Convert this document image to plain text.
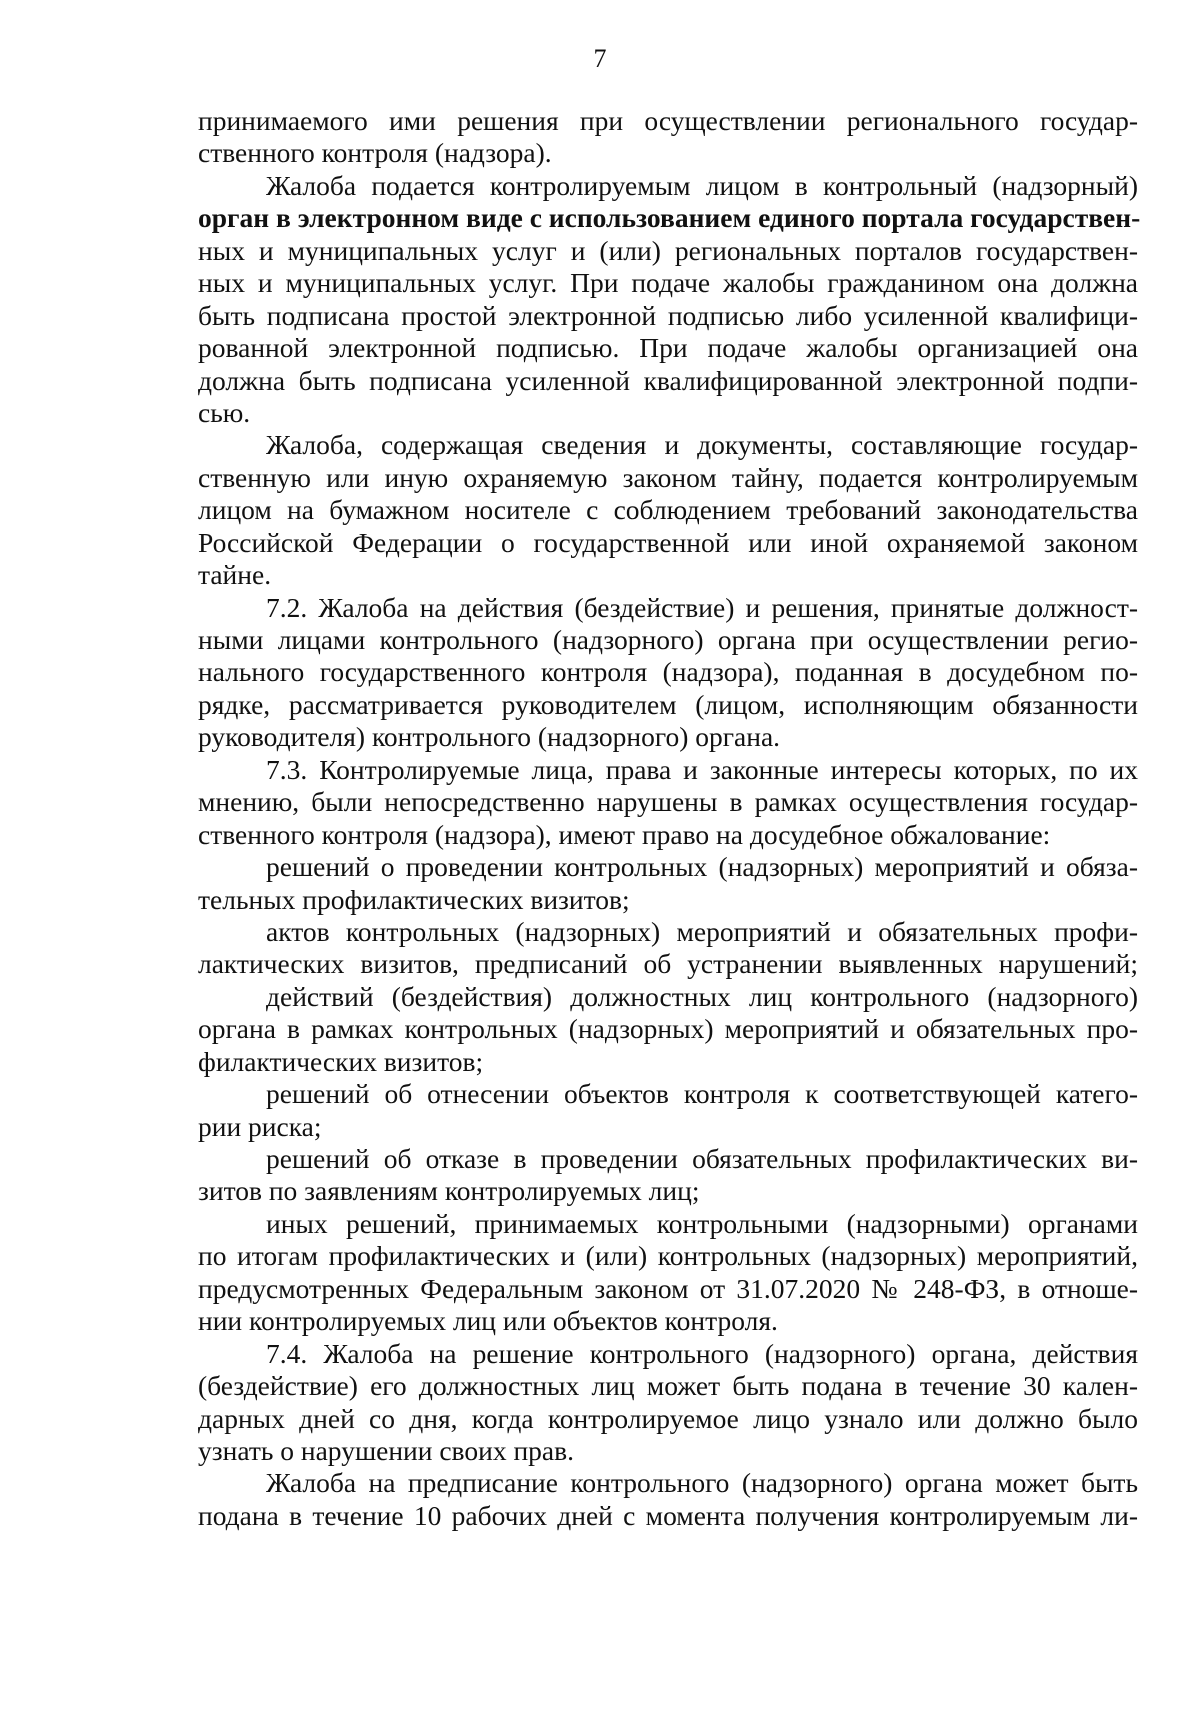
7
принимаемого ими решения при осуществлении регионального государ-
ственного контроля (надзора).
Жалоба подается контролируемым лицом в контрольный (надзорный)
орган в электронном виде с использованием единого портала государствен-
ных и муниципальных услуг и (или) региональных порталов государствен-
ных и муниципальных услуг. При подаче жалобы гражданином она должна
быть подписана простой электронной подписью либо усиленной квалифици-
рованной электронной подписью. При подаче жалобы организацией она
должна быть подписана усиленной квалифицированной электронной подпи-
сью.
Жалоба, содержащая сведения и документы, составляющие государ-
ственную или иную охраняемую законом тайну, подается контролируемым
лицом на бумажном носителе с соблюдением требований законодательства
Российской Федерации о государственной или иной охраняемой законом
тайне.
7.2. Жалоба на действия (бездействие) и решения, принятые должност-
ными лицами контрольного (надзорного) органа при осуществлении регио-
нального государственного контроля (надзора), поданная в досудебном по-
рядке, рассматривается руководителем (лицом, исполняющим обязанности
руководителя) контрольного (надзорного) органа.
7.3. Контролируемые лица, права и законные интересы которых, по их
мнению, были непосредственно нарушены в рамках осуществления государ-
ственного контроля (надзора), имеют право на досудебное обжалование:
решений о проведении контрольных (надзорных) мероприятий и обяза-
тельных профилактических визитов;
актов контрольных (надзорных) мероприятий и обязательных профи-
лактических визитов, предписаний об устранении выявленных нарушений;
действий (бездействия) должностных лиц контрольного (надзорного)
органа в рамках контрольных (надзорных) мероприятий и обязательных про-
филактических визитов;
решений об отнесении объектов контроля к соответствующей катего-
рии риска;
решений об отказе в проведении обязательных профилактических ви-
зитов по заявлениям контролируемых лиц;
иных решений, принимаемых контрольными (надзорными) органами
по итогам профилактических и (или) контрольных (надзорных) мероприятий,
предусмотренных Федеральным законом от 31.07.2020 № 248-ФЗ, в отноше-
нии контролируемых лиц или объектов контроля.
7.4. Жалоба на решение контрольного (надзорного) органа, действия
(бездействие) его должностных лиц может быть подана в течение 30 кален-
дарных дней со дня, когда контролируемое лицо узнало или должно было
узнать о нарушении своих прав.
Жалоба на предписание контрольного (надзорного) органа может быть
подана в течение 10 рабочих дней с момента получения контролируемым ли-
